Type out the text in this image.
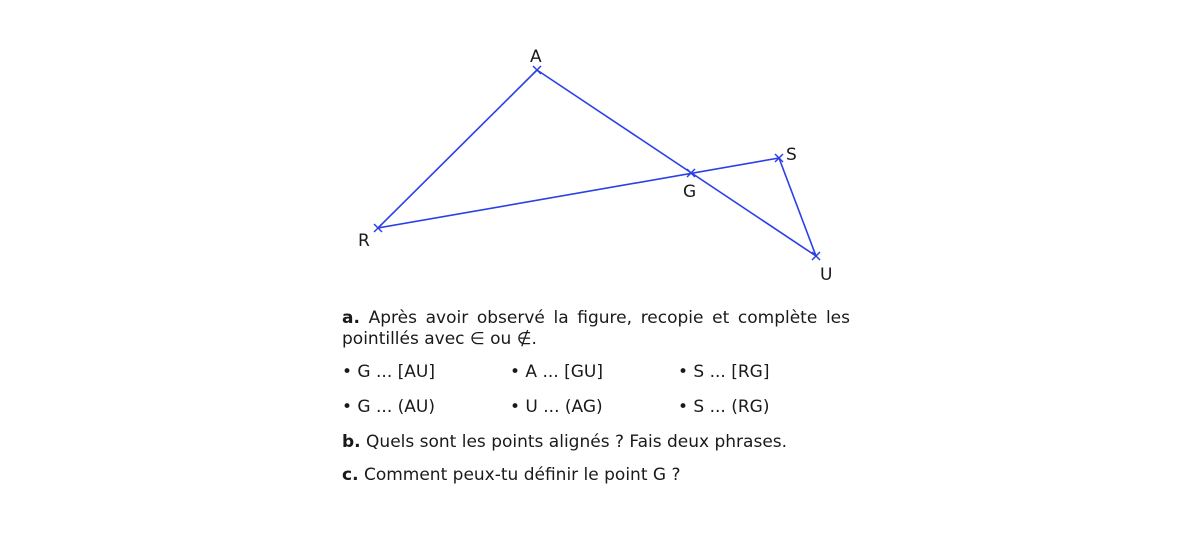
A
S
G
R
U

a. Après avoir observé la figure, recopie et complète les pointillés avec ∈ ou ∉.

• G ... [AU]	• A ... [GU]	• S ... [RG]
• G ... (AU)	• U ... (AG)	• S ... (RG)

b. Quels sont les points alignés ? Fais deux phrases.

c. Comment peux-tu définir le point G ?
